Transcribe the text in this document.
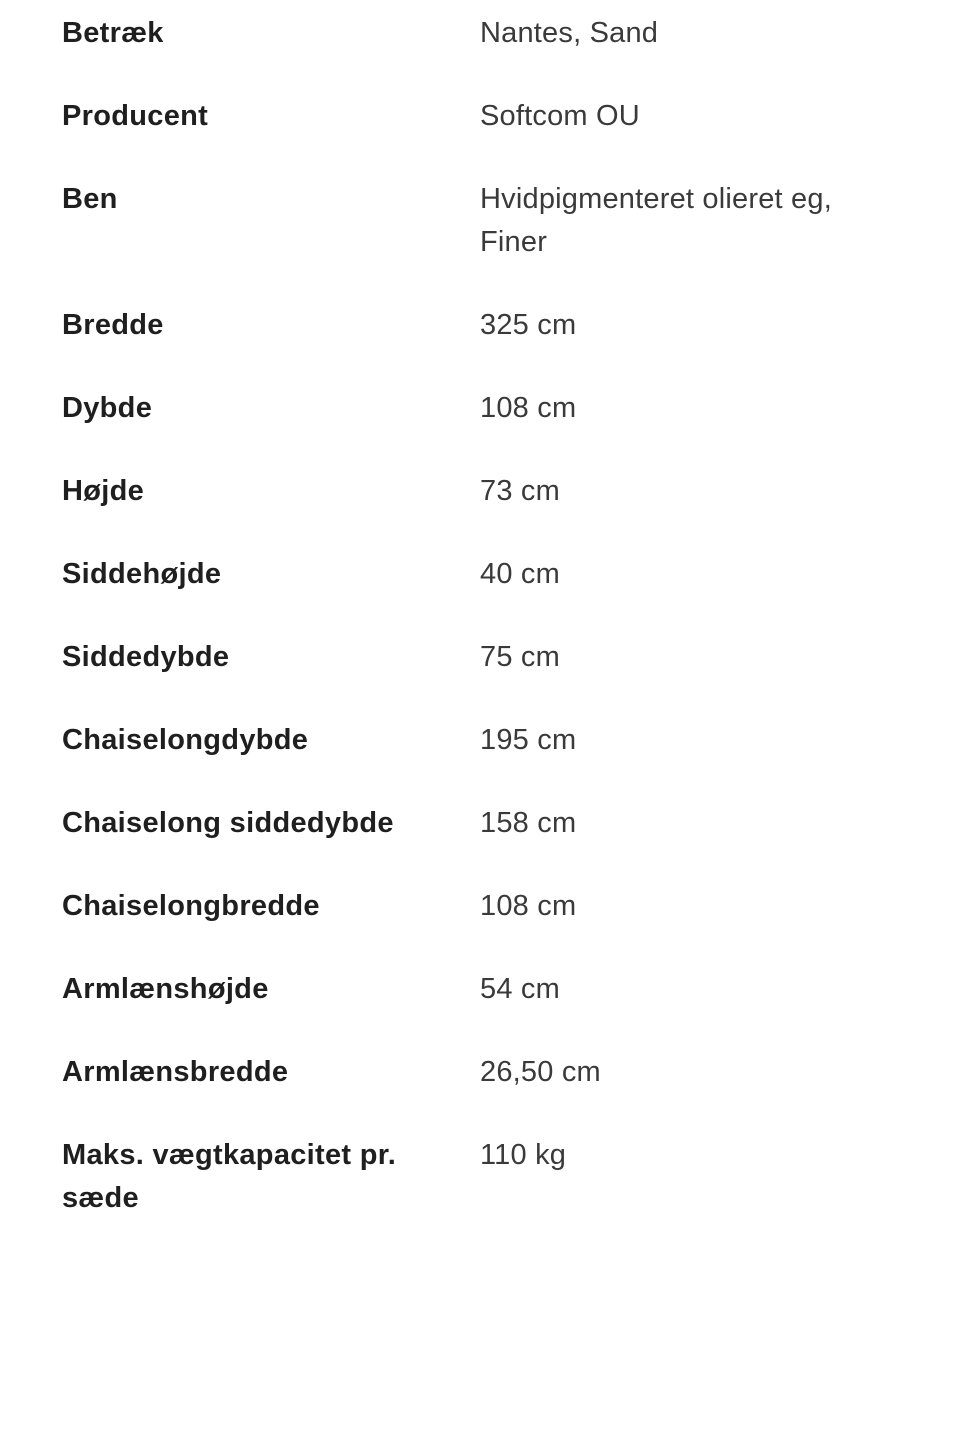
Betræk	Nantes, Sand
Producent	Softcom OU
Ben	Hvidpigmenteret olieret eg, Finer
Bredde	325 cm
Dybde	108 cm
Højde	73 cm
Siddehøjde	40 cm
Siddedybde	75 cm
Chaiselongdybde	195 cm
Chaiselong siddedybde	158 cm
Chaiselongbredde	108 cm
Armlænshøjde	54 cm
Armlænsbredde	26,50 cm
Maks. vægtkapacitet pr. sæde	110 kg
